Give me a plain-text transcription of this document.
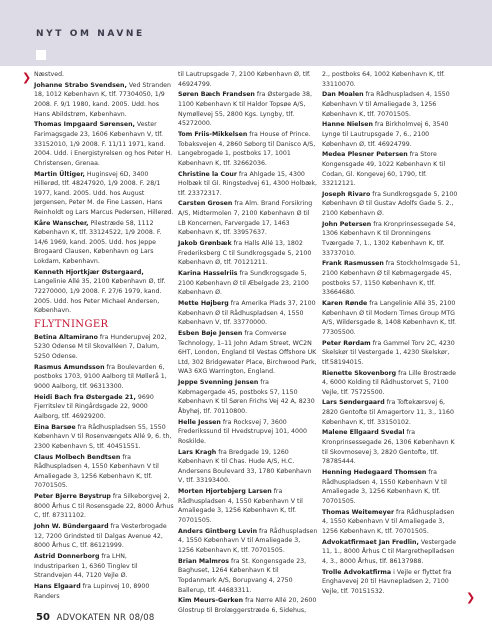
NYT OM NAVNE
❯ Næstved.
Johanne Strabo Svendsen, Ved Stranden 18, 1012 København K, tlf. 77304050, 1/9 2008. F. 9/1 1980, kand. 2005. Udd. hos Hans Abildstrøm, København.
Thomas Impgaard Sørensen, Vester Farimagsgade 23, 1606 København V, tlf. 33152010, 1/9 2008. F. 11/11 1971, kand. 2004. Udd. i Energistyrelsen og hos Peter H. Christensen, Grenaa.
Martin Ültiger, Huginsvej 6D, 3400 Hillerød, tlf. 48247920, 1/9 2008. F. 28/1 1977, kand. 2005. Udd. hos August Jørgensen, Peter M. de Fine Lassen, Hans Reinholdt og Lars Marcus Pedersen, Hillerød.
Kåre Wanscher, Pilestræde 58, 1112 København K, tlf. 33124522, 1/9 2008. F. 14/6 1969, kand. 2005. Udd. hos Jeppe Brogaard Clausen, København og Lars Lokdam, København.
Kenneth Hjortkjær Østergaard, Langelinie Allé 35, 2100 København Ø, tlf. 72270000, 1/9 2008. F. 27/6 1979, kand. 2005. Udd. hos Peter Michael Andersen, København.
FLYTNINGER
Betina Altamirano fra Hunderupvej 202, 5230 Odense M til Skovalléen 7, Dalum, 5250 Odense.
Rasmus Amundsson fra Boulevarden 6, postboks 1703, 9100 Aalborg til Møllerå 1, 9000 Aalborg, tlf. 96313300.
Heidi Bach fra Østergade 21, 9690 Fjerritslev til Ringårdsgade 22, 9000 Aalborg, tlf. 46929200.
Eina Barsøe fra Rådhuspladsen 55, 1550 København V til Rosenvængets Allé 9, 6. th, 2300 København S, tlf. 40451551.
Claus Molbech Bendtsen fra Rådhuspladsen 4, 1550 København V til Amaliegade 3, 1256 København K, tlf. 70701505.
Peter Bjerre Bøystrup fra Silkeborgvej 2, 8000 Århus C til Rosensgade 22, 8000 Århus C, tlf. 87311102.
John W. Bündergaard fra Vesterbrogade 12, 7200 Grindsted til Dalgas Avenue 42, 8000 Århus C, tlf. 86121999.
Astrid Donnerborg fra LHN, Industriparken 1, 6360 Tinglev til Strandvejen 44, 7120 Vejle Ø.
Hans Elgaard fra Lupinvej 10, 8900 Randers
til Lautrupsgade 7, 2100 København Ø, tlf. 46924799.
Søren Bæch Frandsen fra Østergade 38, 1100 København K til Haldor Topsøe A/S, Nymøllevej 55, 2800 Kgs. Lyngby, tlf. 45272000.
Tom Friis-Mikkelsen fra House of Prince. Tobaksvejen 4, 2860 Søborg til Danisco A/S, Langebrogade 1, postboks 17, 1001 København K, tlf. 32662036.
Christine la Cour fra Ahlgade 15, 4300 Holbæk til Gl. Ringstedvej 61, 4300 Holbæk, tlf. 23372317.
Carsten Grosen fra Alm. Brand Forsikring A/S, Midtermolen 7, 2100 København Ø til LB Koncernen, Farvergade 17, 1463 København K, tlf. 33957637.
Jakob Grønbæk fra Halls Allé 13, 1802 Frederiksberg C til Sundkrogsgade 5, 2100 København Ø, tlf. 70121211.
Karina Hasselriis fra Sundkrogsgade 5, 2100 København Ø til Æbelgade 23, 2100 København Ø.
Mette Højberg fra Amerika Plads 37, 2100 København Ø til Rådhuspladsen 4, 1550 København V, tlf. 33770000.
Esben Bøje Jensen fra Comverse Technology, 1–11 John Adam Street, WC2N 6HT, London, England til Vestas Offshore UK Ltd, 302 Bridgewater Place, Birchwood Park, WA3 6XG Warrington, England.
Jeppe Svenning Jensen fra Købmagergade 45, postboks 57, 1150 København K til Søren Frichs Vej 42 A, 8230 Åbyhøj, tlf. 70110800.
Helle Jessen fra Rocksvej 7, 3600 Frederikssund til Hvedstrupvej 101, 4000 Roskilde.
Lars Kragh fra Bredgade 19, 1260 København K til Chas. Hude A/S, H.C. Andersens Boulevard 33, 1780 København V, tlf. 33193400.
Morten Hjortebjerg Larsen fra Rådhuspladsen 4, 1550 København V til Amaliegade 3, 1256 København K, tlf. 70701505.
Anders Gintberg Levin fra Rådhuspladsen 4, 1550 København V til Amaliegade 3, 1256 København K, tlf. 70701505.
Brian Malmros fra St. Kongensgade 23, Baghuset, 1264 København K til Topdanmark A/S, Borupvang 4, 2750 Ballerup, tlf. 44683311.
Kim Meurs-Gerken fra Nørre Allé 20, 2600 Glostrup til Brolæggerstræde 6, Sidehus,
2., postboks 64, 1002 København K, tlf. 33110070.
Dan Moalen fra Rådhuspladsen 4, 1550 København V til Amaliegade 3, 1256 København K, tlf. 70701505.
Hanne Nielsen fra Birkholmvej 6, 3540 Lynge til Lautrupsgade 7, 6., 2100 København Ø, tlf. 46924799.
Medea Plesner Petersen fra Store Kongensgade 49, 1022 København K til Codan, Gl. Kongevej 60, 1790, tlf. 33212121.
Joseph Rivaro fra Sundkrogsgade 5, 2100 København Ø til Gustav Adolfs Gade 5. 2., 2100 København Ø.
John Petersen fra Kronprinsessegade 54, 1306 København K til Dronningens Tværgade 7, 1., 1302 København K, tlf. 33737010.
Frank Rasmussen fra Stockholmsgade 51, 2100 København Ø til Købmagergade 45, postboks 57, 1150 København K, tlf. 33664680.
Karen Rønde fra Langelinie Allé 35, 2100 København Ø til Modern Times Group MTG A/S, Wildersgade 8, 1408 København K, tlf. 77305500.
Peter Rørdam fra Gammel Torv 2C, 4230 Skelskør til Vestergade 1, 4230 Skelskør, tlf.58194015.
Rienette Skovenborg fra Lille Brostræde 4, 6000 Kolding til Rådhustorvet 5, 7100 Vejle, tlf. 75725500.
Lars Søndergaard fra Toftekærsvej 6, 2820 Gentofte til Amagertorv 11, 3., 1160 København K, tlf. 33150102.
Malene Ellgaard Svedal fra Kronprinsessegade 26, 1306 København K til Skovmosevej 3, 2820 Gentofte, tlf. 78785444.
Henning Hedegaard Thomsen fra Rådhuspladsen 4, 1550 København V til Amaliegade 3, 1256 København K, tlf. 70701505.
Thomas Weitemeyer fra Rådhuspladsen 4, 1550 København V til Amaliegade 3, 1256 København K, tlf. 70701505.
Advokatfirmaet Jan Fredlin, Vestergade 11, 1., 8000 Århus C til Margretheplladsen 4, 3., 8000 Århus, tlf. 86137988.
Trolle Advokatfirma i Vejle er flyttet fra Enghavevej 20 til Havnepladsen 2, 7100 Vejle, tlf. 70151532.	❯
50 ADVOKATEN NR 08/08
